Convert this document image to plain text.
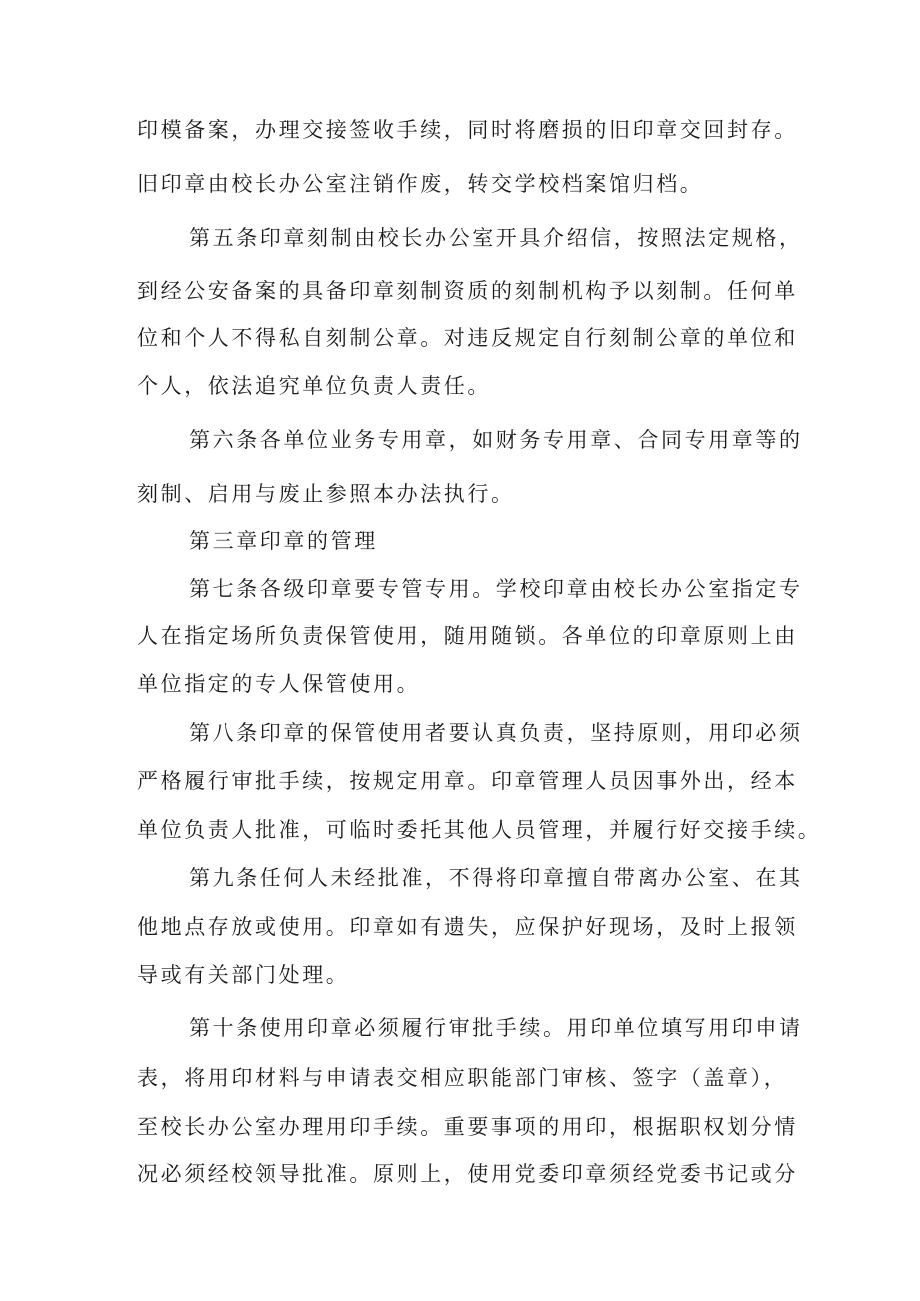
印模备案，办理交接签收手续，同时将磨损的旧印章交回封存。
旧印章由校长办公室注销作废，转交学校档案馆归档。
第五条印章刻制由校长办公室开具介绍信，按照法定规格，
到经公安备案的具备印章刻制资质的刻制机构予以刻制。任何单
位和个人不得私自刻制公章。对违反规定自行刻制公章的单位和
个人，依法追究单位负责人责任。
第六条各单位业务专用章，如财务专用章、合同专用章等的
刻制、启用与废止参照本办法执行。
第三章印章的管理
第七条各级印章要专管专用。学校印章由校长办公室指定专
人在指定场所负责保管使用，随用随锁。各单位的印章原则上由
单位指定的专人保管使用。
第八条印章的保管使用者要认真负责，坚持原则，用印必须
严格履行审批手续，按规定用章。印章管理人员因事外出，经本
单位负责人批准，可临时委托其他人员管理，并履行好交接手续。
第九条任何人未经批准，不得将印章擅自带离办公室、在其
他地点存放或使用。印章如有遗失，应保护好现场，及时上报领
导或有关部门处理。
第十条使用印章必须履行审批手续。用印单位填写用印申请
表，将用印材料与申请表交相应职能部门审核、签字（盖章），
至校长办公室办理用印手续。重要事项的用印，根据职权划分情
况必须经校领导批准。原则上，使用党委印章须经党委书记或分
